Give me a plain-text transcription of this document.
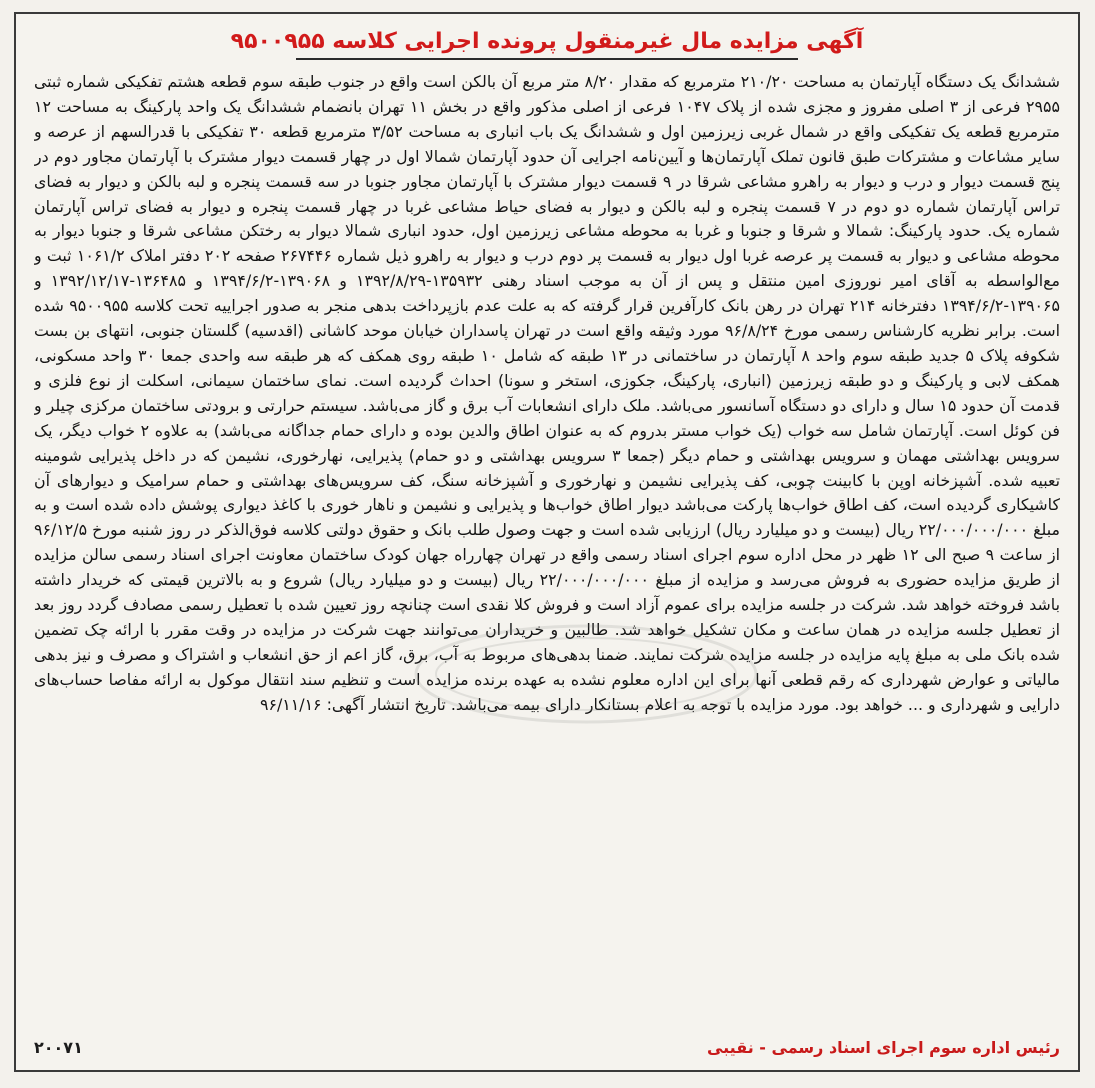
آگهی مزایده مال غیرمنقول پرونده اجرایی کلاسه ۹۵۰۰۹۵۵
ششدانگ یک دستگاه آپارتمان به مساحت ۲۱۰/۲۰ مترمربع که مقدار ۸/۲۰ متر مربع آن بالکن است واقع در جنوب طبقه سوم قطعه هشتم تفکیکی شماره ثبتی ۲۹۵۵ فرعی از ۳ اصلی مفروز و مجزی شده از پلاک ۱۰۴۷ فرعی از اصلی مذکور واقع در بخش ۱۱ تهران بانضمام ششدانگ یک واحد پارکینگ به مساحت ۱۲ مترمربع قطعه یک تفکیکی واقع در شمال غربی زیرزمین اول و ششدانگ یک باب انباری به مساحت ۳/۵۲ مترمربع قطعه ۳۰ تفکیکی با قدرالسهم از عرصه و سایر مشاعات و مشترکات طبق قانون تملک آپارتمان‌ها و آیین‌نامه اجرایی آن حدود آپارتمان شمالا اول در چهار قسمت دیوار مشترک با آپارتمان مجاور دوم در پنج قسمت دیوار و درب و دیوار به راهرو مشاعی شرقا در ۹ قسمت دیوار مشترک با آپارتمان مجاور جنوبا در سه قسمت پنجره و لبه بالکن و دیوار به فضای تراس آپارتمان شماره دو دوم در ۷ قسمت پنجره و لبه بالکن و دیوار به فضای حیاط مشاعی غربا در چهار قسمت پنجره و دیوار به فضای تراس آپارتمان شماره یک. حدود پارکینگ: شمالا و شرقا و جنوبا و غربا به محوطه مشاعی زیرزمین اول، حدود انباری شمالا دیوار به رختکن مشاعی شرقا و جنوبا دیوار به محوطه مشاعی و دیوار به قسمت پر عرصه غربا اول دیوار به قسمت پر دوم درب و دیوار به راهرو ذیل شماره ۲۶۷۴۴۶ صفحه ۲۰۲ دفتر املاک ۱۰۶۱/۲ ثبت و مع‌الواسطه به آقای امیر نوروزی امین منتقل و پس از آن به موجب اسناد رهنی ۱۳۵۹۳۲-۱۳۹۲/۸/۲۹ و ۱۳۹۰۶۸-۱۳۹۴/۶/۲ و ۱۳۶۴۸۵-۱۳۹۲/۱۲/۱۷ و ۱۳۹۰۶۵-۱۳۹۴/۶/۲ دفترخانه ۲۱۴ تهران در رهن بانک کارآفرین قرار گرفته که به علت عدم بازپرداخت بدهی منجر به صدور اجراییه تحت کلاسه ۹۵۰۰۹۵۵ شده است. برابر نظریه کارشناس رسمی مورخ ۹۶/۸/۲۴ مورد وثیقه واقع است در تهران پاسداران خیابان موحد کاشانی (اقدسیه) گلستان جنوبی، انتهای بن بست شکوفه پلاک ۵ جدید طبقه سوم واحد ۸ آپارتمان در ساختمانی در ۱۳ طبقه که شامل ۱۰ طبقه روی همکف که هر طبقه سه واحدی جمعا ۳۰ واحد مسکونی، همکف لابی و پارکینگ و دو طبقه زیرزمین (انباری، پارکینگ، جکوزی، استخر و سونا) احداث گردیده است. نمای ساختمان سیمانی، اسکلت از نوع فلزی و قدمت آن حدود ۱۵ سال و دارای دو دستگاه آسانسور می‌باشد. ملک دارای انشعابات آب برق و گاز می‌باشد. سیستم حرارتی و برودتی ساختمان مرکزی چیلر و فن کوئل است. آپارتمان شامل سه خواب (یک خواب مستر بدروم که به عنوان اطاق والدین بوده و دارای حمام جداگانه می‌باشد) به علاوه ۲ خواب دیگر، یک سرویس بهداشتی مهمان و سرویس بهداشتی و حمام دیگر (جمعا ۳ سرویس بهداشتی و دو حمام) پذیرایی، نهارخوری، نشیمن که در داخل پذیرایی شومینه تعبیه شده. آشپزخانه اوپن با کابینت چوبی، کف پذیرایی نشیمن و نهارخوری و آشپزخانه سنگ، کف سرویس‌های بهداشتی و حمام سرامیک و دیوارهای آن کاشیکاری گردیده است، کف اطاق خواب‌ها پارکت می‌باشد دیوار اطاق خواب‌ها و پذیرایی و نشیمن و ناهار خوری با کاغذ دیواری پوشش داده شده است و به مبلغ ۲۲/۰۰۰/۰۰۰/۰۰۰ ریال (بیست و دو میلیارد ریال) ارزیابی شده است و جهت وصول طلب بانک و حقوق دولتی کلاسه فوق‌الذکر در روز شنبه مورخ ۹۶/۱۲/۵ از ساعت ۹ صبح الی ۱۲ ظهر در محل اداره سوم اجرای اسناد رسمی واقع در تهران چهارراه جهان کودک ساختمان معاونت اجرای اسناد رسمی سالن مزایده از طریق مزایده حضوری به فروش می‌رسد و مزایده از مبلغ ۲۲/۰۰۰/۰۰۰/۰۰۰ ریال (بیست و دو میلیارد ریال) شروع و به بالاترین قیمتی که خریدار داشته باشد فروخته خواهد شد. شرکت در جلسه مزایده برای عموم آزاد است و فروش کلا نقدی است چنانچه روز تعیین شده با تعطیل رسمی مصادف گردد روز بعد از تعطیل جلسه مزایده در همان ساعت و مکان تشکیل خواهد شد. طالبین و خریداران می‌توانند جهت شرکت در مزایده در وقت مقرر با ارائه چک تضمین شده بانک ملی به مبلغ پایه مزایده در جلسه مزایده شرکت نمایند. ضمنا بدهی‌های مربوط به آب، برق، گاز اعم از حق انشعاب و اشتراک و مصرف و نیز بدهی مالیاتی و عوارض شهرداری که رقم قطعی آنها برای این اداره معلوم نشده به عهده برنده مزایده است و تنظیم سند انتقال موکول به ارائه مفاصا حساب‌های دارایی و شهرداری و ... خواهد بود. مورد مزایده با توجه به اعلام بستانکار دارای بیمه می‌باشد. تاریخ انتشار آگهی: ۹۶/۱۱/۱۶
رئیس اداره سوم اجرای اسناد رسمی - نقیبی
۲۰۰۷۱
